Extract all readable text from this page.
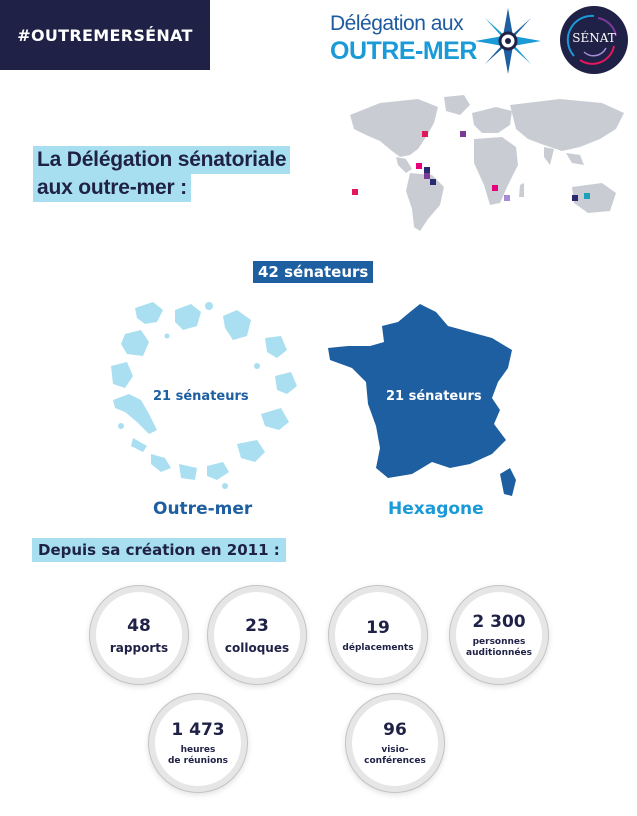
#OUTREMERSÉNAT	Délégation aux
OUTRE-MER	SÉNAT
La Délégation sénatoriale
aux outre-mer :
42 sénateurs
21 sénateurs	21 sénateurs
Outre-mer	Hexagone
Depuis sa création en 2011 :
48
rapports
23
colloques
19
déplacements
2 300
personnes
auditionnées
1 473
heures
de réunions
96
visio-
conférences
